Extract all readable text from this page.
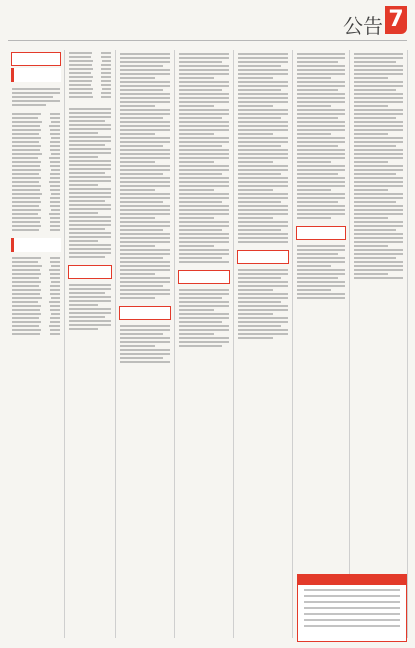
公告 7
